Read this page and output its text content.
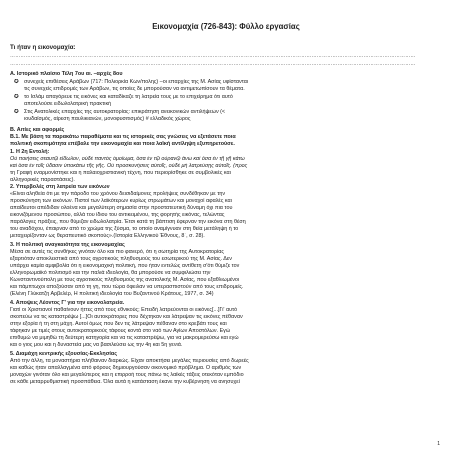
Εικονομαχία (726-843): Φύλλο εργασίας
Τι ήταν η εικονομαχία:
………………………………………………………………………………………………………………………………………………………………………………………………………………
………………………………………………………………………………………………………………………………………………………………………………………………………………
Α. Ιστορικό πλαίσιο Τέλη 7ου αι. –αρχές 8ου
✪ συνεχείς επιθέσεις Αράβων (717: Πολιορκία Κων/πολης) –οι επαρχίες της Μ. Ασίας υφίστανται
τις συνεχείς επιδρομές των Αράβων, τις οποίες δε μπορούσαν να αντιμετωπίσουν τα θέματα.
✪ το Ισλάμ απαγόρευε τις εικόνες και καταδίκαζε τη λατρεία τους με το επιχείρημα ότι αυτό
αποτελούσε ειδωλολατρική πρακτική
✪ Στις Ανατολικές επαρχίες της αυτοκρατορίας: επικράτηση ανεικονικών αντιλήψεων (<
ιουδαϊσμός, αίρεση παυλικιανών, μονοφυσιτισμός) # ελλαδικός χώρος
Β. Αιτίες και αφορμές
Β.1. Με βάση τα παρακάτω παραθέματα και τις ιστορικές σας γνώσεις να εξετάσετε ποια
πολιτική σκοπιμότητα επέβαλε την εικονομαχία και ποια λαϊκή αντίληψη εξυπηρετούσε.
1. Η 2η Εντολή:
Οὐ ποιήσεις σεαυτῷ εἴδωλον, οὐδὲ παντὸς ὁμοίωμα, ὅσα ἐν τῷ οὐρανῷ ἄνω καὶ ὅσα ἐν τῇ γῇ κάτω
καὶ ὅσα ἐν τοῖς ὕδασιν ὑποκάτω τῆς γῆς. Οὐ προσκυνήσεις αὐτοῖς, οὐδὲ μὴ λατρεύσῃς αὐτοῖς. (προς
τη Γραφή εναρμονίστηκε και η παλαιοχριστιανική τέχνη, που περιορίσθηκε σε συμβολικές και
αλληγορικές παραστάσεις).
2. Υπερβολές στη λατρεία των εικόνων
«Είναι αληθεία ότι με την πάροδο του χρόνου δεισιδαίμονες προλήψεις συνδέθηκαν με την
προσκύνηση των εικόνων. Πιστοί των λαϊκότερων κυρίως στρωμάτων και μοναχοί αφαλές και
απαίδευτοι απέδιδαν ολοένα και μεγαλύτερη σημασία στην προστατευτική δύναμη όχι πια του
εικονιζόμενου προσώπου, αλλά του ίδιου του αντικειμένου, της φορητής εικόνας, τελώντας
παράλογες πράξεις, που θύμιζαν ειδωλολατρία. Έτσι κατά τη βάπτιση έφερναν την εικόνα στη θέση
του αναδόχου, έπαιρναν από το χρώμα της ξύσμα, το οποίο αναμίγνυαν στη θεία μετάληψη ή το
μεταχειρίζονταν ως θεραπευτικό σκοπούς».(Ιστορία Ελληνικού Έθνους, 8΄, σ. 28).
3. Η πολιτική αναγκαιότητα της εικονομαχίας
Μέσα σε αυτές τις συνθήκες γινόταν όλο και πιο φανερό, ότι η σωτηρία της Αυτοκρατορίας
εξαρτιόταν αποκλειστικά από τους αγροτικούς πληθυσμούς του εσωτερικού της Μ. Ασίας. Δεν
υπάρχει καμία αμφιβολία ότι η εικονομαχική πολιτική, που ήταν εντελώς αντίθετη σ'ότι θύμιζε τον
ελληνορωμαϊκό πολιτισμό και την παλιά ιδεολογία, θα μπορούσε να συμφιλιώσει την
Κωνσταντινούπολη με τους αγροτικούς πληθυσμούς της ανατολικής Μ. Ασίας, που εξαθλιωμένοι
και πάμπτωχοι αποζούσαν από τη γη, που τώρα όφειλαν να υπερασπιστούν από τους επιδρομείς.
(Ελένη Γλύκατζη Αρβελέρ, Η πολιτική ιδεολογία του Βυζαντινού Κράτους, 1977, σ. 34)
4. Αποψεις Λέοντος Γ' για την εικονολατρεία.
Γιατί οι Χριστιανοί παθαίνουν ήττες από τους εθνικούς; Επειδή λατρεύονται οι εικόνες[...]Γι' αυτό
σκοπεύω να τις καταστρέψω [...]Οι αυτοκράτορες που δέχτηκαν και λάτρεψαν τις εικόνες πέθαναν
στην εξορία ή τη στη μάχη. Αυτοί όμως που δεν τις λάτρεψαν πέθαναν στο κρεβάτι τους και
τάφηκαν με τιμές στους αυτοκρατορικούς τάφους κοντά στο ναό των Αγίων Αποστόλων. Εγώ
επιθυμώ να μιμηθώ τη δεύτερη κατηγορία και να τις καταστρέψω, για να μακρομερεύσω και εγώ
και ο γιος μου και η δυναστεία μας να βασιλεύσει ως την 4η και 5η γενιά.
5. Διαμάχη κεντρικής εξουσίας-Εκκλησίας
Από την άλλη, τα μοναστήρια πλήθαιναν διαρκώς. Είχαν αποκτήσει μεγάλες περιουσίες από δωρεές
και καθώς ήταν απαλλαγμένα από φόρους δημιουργούσαν οικονομικό πρόβλημα. Ο αριθμός των
μοναχών γινόταν όλο και μεγαλύτερος και η επιρροή τους πάνω τις λαϊκές τάξεις οτεκόταν εμπόδιο
σε κάθε μεταρρυθμιστική προσπάθεια. Όλα αυτά η κατάσταση έκανε την κυβέρνηση να ανησυχεί
1
